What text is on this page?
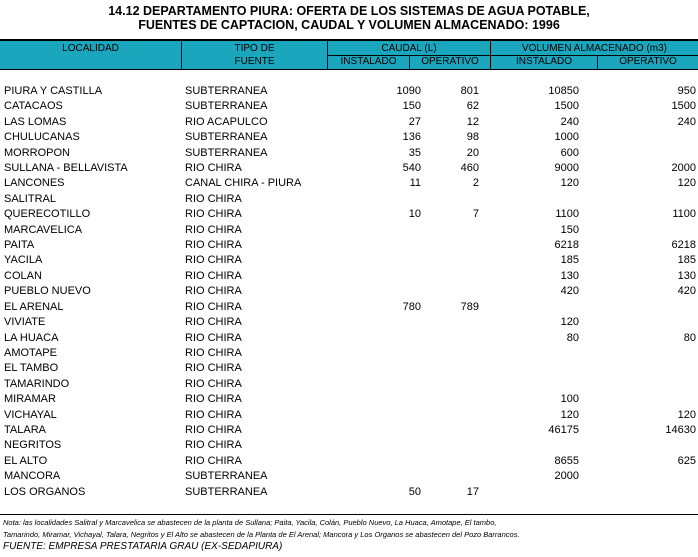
14.12 DEPARTAMENTO PIURA: OFERTA DE LOS SISTEMAS DE AGUA POTABLE,
FUENTES DE CAPTACION, CAUDAL Y VOLUMEN ALMACENADO: 1996
LOCALIDAD	TIPO DE
FUENTE
CAUDAL (L)	VOLUMEN ALMACENADO (m3)
INSTALADO	OPERATIVO	INSTALADO	OPERATIVO
PIURA Y CASTILLA	SUBTERRANEA	1090	801	10850	950
CATACAOS	SUBTERRANEA	150	62	1500	1500
LAS LOMAS	RIO ACAPULCO	27	12	240	240
CHULUCANAS	SUBTERRANEA	136	98	1000	
MORROPON	SUBTERRANEA	35	20	600	
SULLANA - BELLAVISTA	RIO CHIRA	540	460	9000	2000
LANCONES	CANAL CHIRA - PIURA	11	2	120	120
SALITRAL	RIO CHIRA				
QUERECOTILLO	RIO CHIRA	10	7	1100	1100
MARCAVELICA	RIO CHIRA			150	
PAITA	RIO CHIRA			6218	6218
YACILA	RIO CHIRA			185	185
COLAN	RIO CHIRA			130	130
PUEBLO NUEVO	RIO CHIRA			420	420
EL ARENAL	RIO CHIRA	780	789		
VIVIATE	RIO CHIRA			120	
LA HUACA	RIO CHIRA			80	80
AMOTAPE	RIO CHIRA				
EL TAMBO	RIO CHIRA				
TAMARINDO	RIO CHIRA				
MIRAMAR	RIO CHIRA			100	
VICHAYAL	RIO CHIRA			120	120
TALARA	RIO CHIRA			46175	14630
NEGRITOS	RIO CHIRA				
EL ALTO	RIO CHIRA			8655	625
MANCORA	SUBTERRANEA			2000	
LOS ORGANOS	SUBTERRANEA	50	17		
Nota: las localidades Salitral y Marcavelica se abastecen de la planta de Sullana; Paita, Yacila, Colán, Pueblo Nuevo, La Huaca, Amotape, El tambo,
Tamarindo, Miramar, Vichayal, Talara, Negritos y El Alto se abastecen de la Planta de El Arenal; Mancora y Los Organos se abastecen del Pozo Barrancos.
FUENTE: EMPRESA PRESTATARIA GRAU (EX-SEDAPIURA)
